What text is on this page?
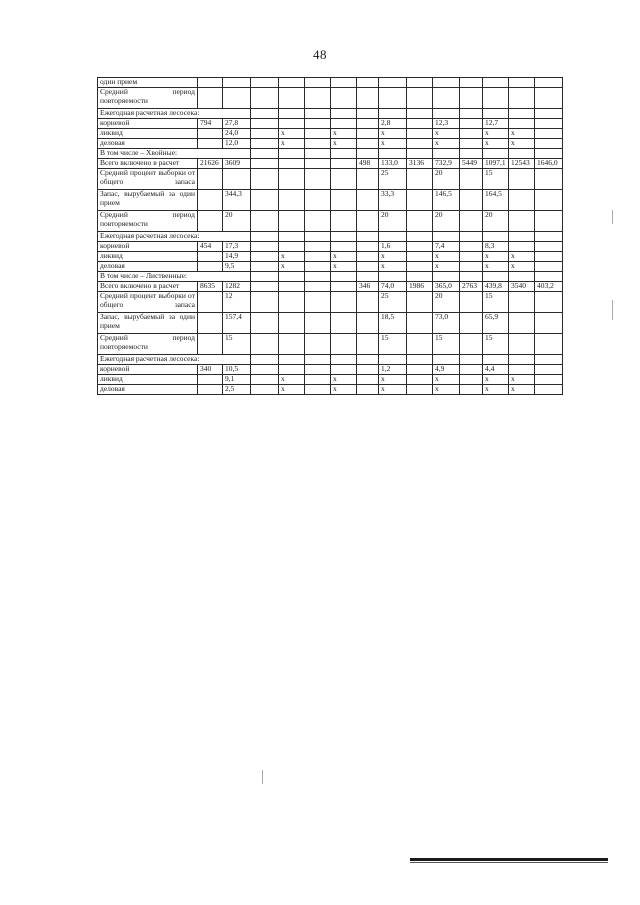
48
один прием														

Средний период повторяемости														

Ежегодная расчетная лесосека:														
корневой	794	27,8						2,8		12,3		12,7		
ликвид		24,0		x		x		x		x		x	x	
деловая		12,0		x		x		x		x		x	x	
В том числе – Хвойные:														
Всего включено в расчет	21626	3609					498	133,0	3136	732,9	5449	1097,1	12543	1646,0

Средний процент выборки от общего запаса								25		20		15		

Запас, вырубаемый за один прием		344,3						33,3		146,5		164,5		

Средний период повторяемости		20						20		20		20		
Ежегодная расчетная лесосека:														
корневой	454	17,3						1,6		7,4		8,3		
ликвид		14,9		x		x		x		x		x	x	
деловая		9,5		x		x		x		x		x	x	
В том числе – Лиственные:														
Всего включено в расчет	8635	1282					346	74,0	1986	365,0	2763	439,8	3540	403,2

Средний процент выборки от общего запаса		12						25		20		15		

Запас, вырубаемый за один прием		157,4						18,5		73,0		65,9		

Средний период повторяемости		15						15		15		15		
Ежегодная расчетная лесосека:														
корневой	340	10,5						1,2		4,9		4,4		
ликвид		9,1		x		x		x		x		x	x	
деловая		2,5		x		x		x		x		x	x	
